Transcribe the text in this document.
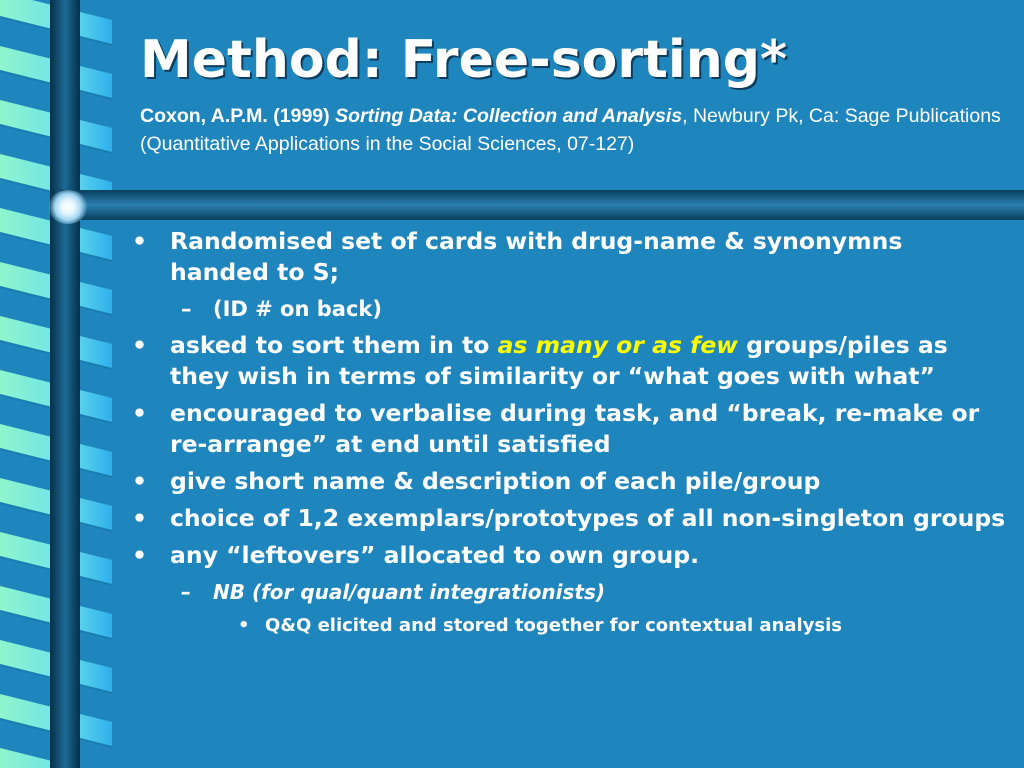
Method: Free-sorting*
Coxon, A.P.M. (1999) Sorting Data: Collection and Analysis, Newbury Pk, Ca: Sage Publications (Quantitative Applications in the Social Sciences, 07-127)
• Randomised set of cards with drug-name & synonymns handed to S;
– (ID # on back)
• asked to sort them in to as many or as few groups/piles as they wish in terms of similarity or “what goes with what”
• encouraged to verbalise during task, and “break, re-make or re-arrange” at end until satisfied
• give short name & description of each pile/group
• choice of 1,2 exemplars/prototypes of all non-singleton groups
• any “leftovers” allocated to own group.
– NB (for qual/quant integrationists)
• Q&Q elicited and stored together for contextual analysis
